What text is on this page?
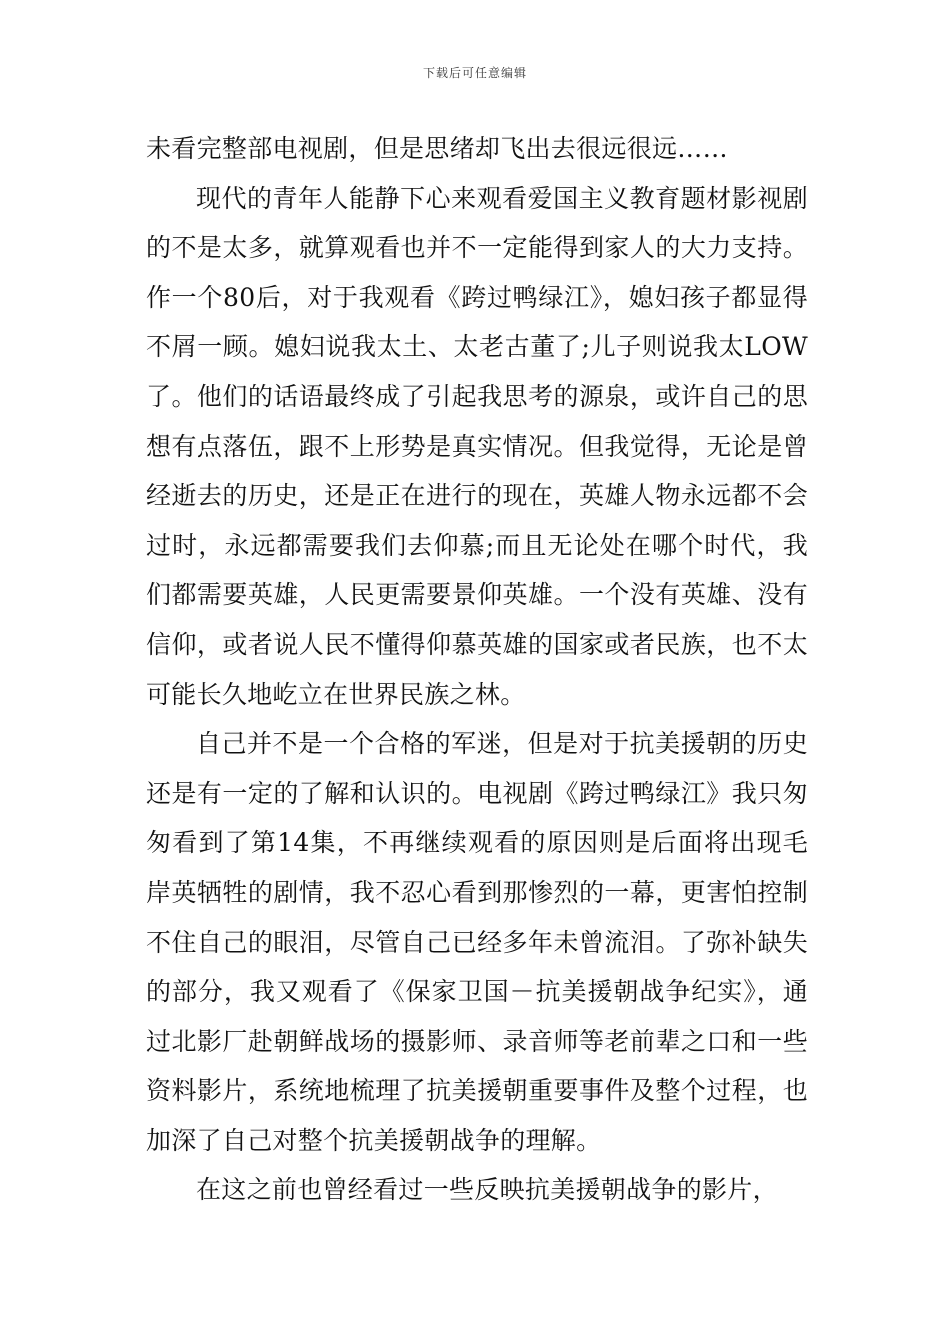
下载后可任意编辑

未看完整部电视剧，但是思绪却飞出去很远很远……

现代的青年人能静下心来观看爱国主义教育题材影视剧的不是太多，就算观看也并不一定能得到家人的大力支持。作一个80后，对于我观看《跨过鸭绿江》，媳妇孩子都显得不屑一顾。媳妇说我太土、太老古董了;儿子则说我太LOW了。他们的话语最终成了引起我思考的源泉，或许自己的思想有点落伍，跟不上形势是真实情况。但我觉得，无论是曾经逝去的历史，还是正在进行的现在，英雄人物永远都不会过时，永远都需要我们去仰慕;而且无论处在哪个时代，我们都需要英雄，人民更需要景仰英雄。一个没有英雄、没有信仰，或者说人民不懂得仰慕英雄的国家或者民族，也不太可能长久地屹立在世界民族之林。

自己并不是一个合格的军迷，但是对于抗美援朝的历史还是有一定的了解和认识的。电视剧《跨过鸭绿江》我只匆匆看到了第14集，不再继续观看的原因则是后面将出现毛岸英牺牲的剧情，我不忍心看到那惨烈的一幕，更害怕控制不住自己的眼泪，尽管自己已经多年未曾流泪。了弥补缺失的部分，我又观看了《保家卫国－抗美援朝战争纪实》，通过北影厂赴朝鲜战场的摄影师、录音师等老前辈之口和一些资料影片，系统地梳理了抗美援朝重要事件及整个过程，也加深了自己对整个抗美援朝战争的理解。

在这之前也曾经看过一些反映抗美援朝战争的影片，
